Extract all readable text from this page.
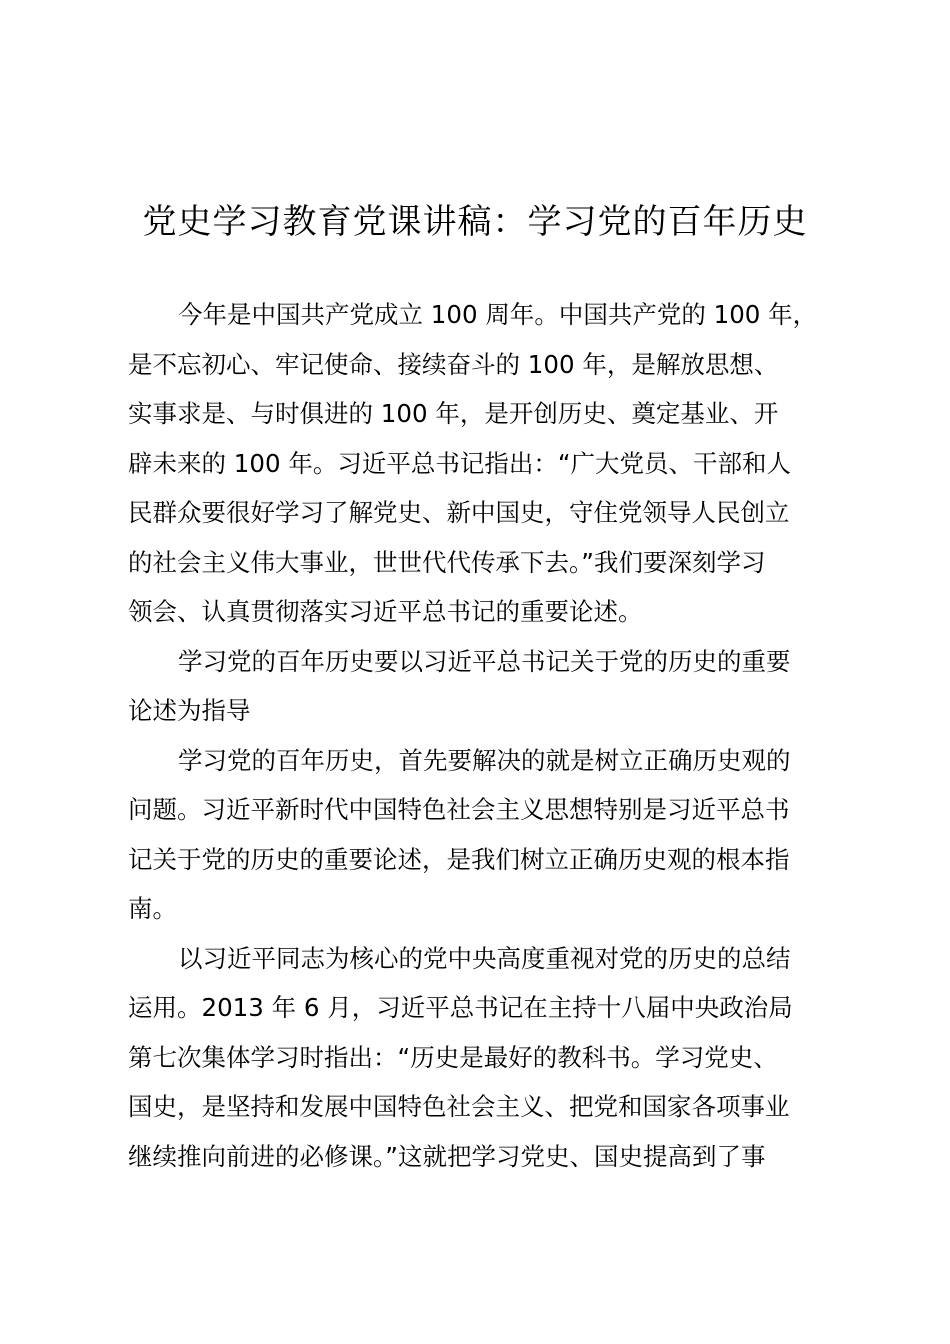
党史学习教育党课讲稿：学习党的百年历史
今年是中国共产党成立 100 周年。中国共产党的 100 年，
是不忘初心、牢记使命、接续奋斗的 100 年，是解放思想、
实事求是、与时俱进的 100 年，是开创历史、奠定基业、开
辟未来的 100 年。习近平总书记指出：“广大党员、干部和人
民群众要很好学习了解党史、新中国史，守住党领导人民创立
的社会主义伟大事业，世世代代传承下去。”我们要深刻学习
领会、认真贯彻落实习近平总书记的重要论述。
学习党的百年历史要以习近平总书记关于党的历史的重要
论述为指导
学习党的百年历史，首先要解决的就是树立正确历史观的
问题。习近平新时代中国特色社会主义思想特别是习近平总书
记关于党的历史的重要论述，是我们树立正确历史观的根本指
南。
以习近平同志为核心的党中央高度重视对党的历史的总结
运用。2013 年 6 月，习近平总书记在主持十八届中央政治局
第七次集体学习时指出：“历史是最好的教科书。学习党史、
国史，是坚持和发展中国特色社会主义、把党和国家各项事业
继续推向前进的必修课。”这就把学习党史、国史提高到了事
